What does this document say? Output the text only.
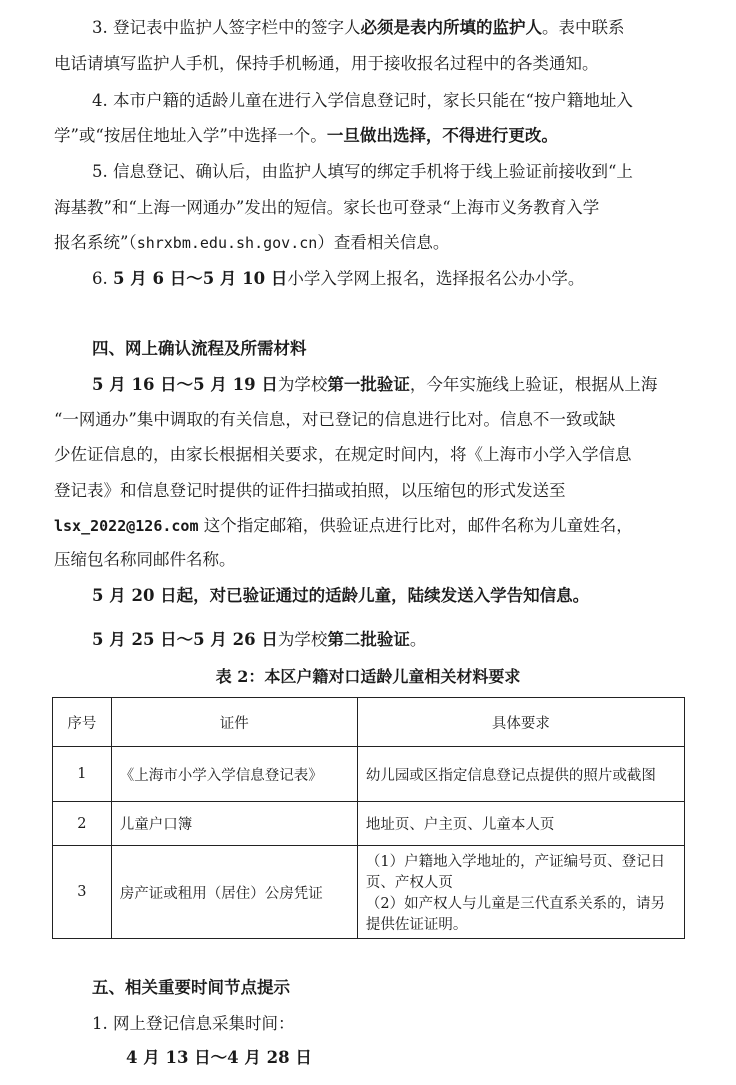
3. 登记表中监护人签字栏中的签字人必须是表内所填的监护人。表中联系
电话请填写监护人手机，保持手机畅通，用于接收报名过程中的各类通知。
4. 本市户籍的适龄儿童在进行入学信息登记时，家长只能在“按户籍地址入
学”或“按居住地址入学”中选择一个。一旦做出选择，不得进行更改。
5. 信息登记、确认后，由监护人填写的绑定手机将于线上验证前接收到“上
海基教”和“上海一网通办”发出的短信。家长也可登录“上海市义务教育入学
报名系统”（shrxbm.edu.sh.gov.cn）查看相关信息。
6. 5 月 6 日～5 月 10 日小学入学网上报名，选择报名公办小学。
四、网上确认流程及所需材料
5 月 16 日～5 月 19 日为学校第一批验证，今年实施线上验证，根据从上海
“一网通办”集中调取的有关信息，对已登记的信息进行比对。信息不一致或缺
少佐证信息的，由家长根据相关要求，在规定时间内，将《上海市小学入学信息
登记表》和信息登记时提供的证件扫描或拍照，以压缩包的形式发送至
lsx_2022@126.com 这个指定邮箱，供验证点进行比对，邮件名称为儿童姓名，
压缩包名称同邮件名称。
5 月 20 日起，对已验证通过的适龄儿童，陆续发送入学告知信息。
5 月 25 日～5 月 26 日为学校第二批验证。
表 2：本区户籍对口适龄儿童相关材料要求
序号	证件	具体要求
1	《上海市小学入学信息登记表》	幼儿园或区指定信息登记点提供的照片或截图
2	儿童户口簿	地址页、户主页、儿童本人页
3	房产证或租用（居住）公房凭证	（1）户籍地入学地址的，产证编号页、登记日页、产权人页
（2）如产权人与儿童是三代直系关系的，请另提供佐证证明。
五、相关重要时间节点提示
1. 网上登记信息采集时间：
4 月 13 日～4 月 28 日
